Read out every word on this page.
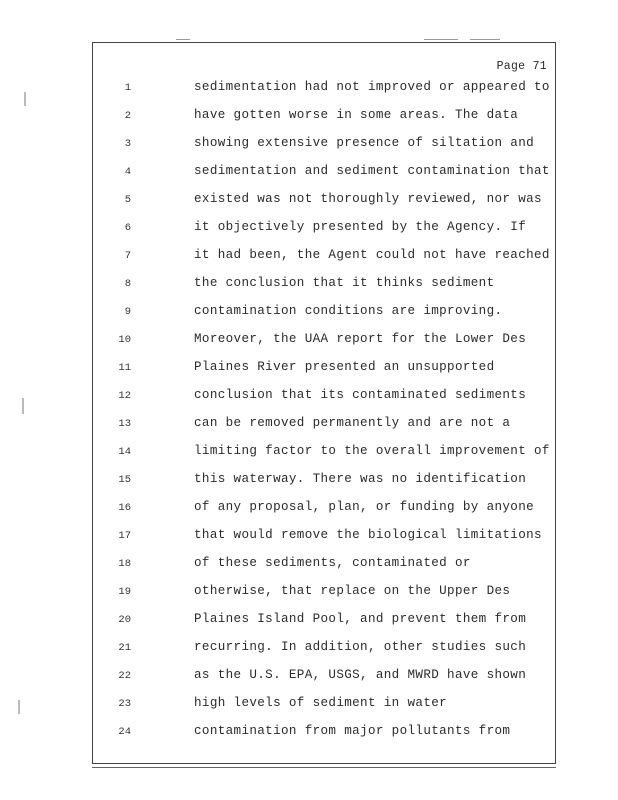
Page 71
1	sedimentation had not improved or appeared to
2	have gotten worse in some areas. The data
3	showing extensive presence of siltation and
4	sedimentation and sediment contamination that
5	existed was not thoroughly reviewed, nor was
6	it objectively presented by the Agency. If
7	it had been, the Agent could not have reached
8	the conclusion that it thinks sediment
9	contamination conditions are improving.
10	Moreover, the UAA report for the Lower Des
11	Plaines River presented an unsupported
12	conclusion that its contaminated sediments
13	can be removed permanently and are not a
14	limiting factor to the overall improvement of
15	this waterway. There was no identification
16	of any proposal, plan, or funding by anyone
17	that would remove the biological limitations
18	of these sediments, contaminated or
19	otherwise, that replace on the Upper Des
20	Plaines Island Pool, and prevent them from
21	recurring. In addition, other studies such
22	as the U.S. EPA, USGS, and MWRD have shown
23	high levels of sediment in water
24	contamination from major pollutants from
